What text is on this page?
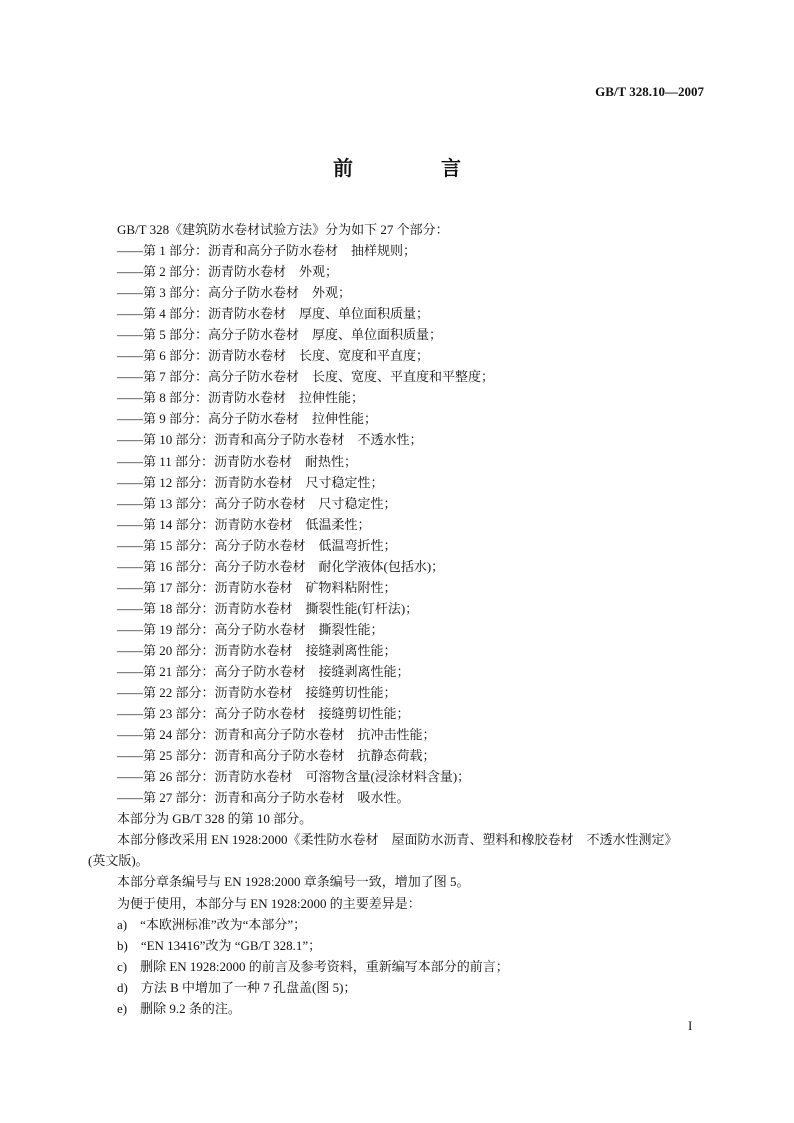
GB/T 328.10—2007
前　言
GB/T 328《建筑防水卷材试验方法》分为如下 27 个部分：
——第 1 部分：沥青和高分子防水卷材　抽样规则；
——第 2 部分：沥青防水卷材　外观；
——第 3 部分：高分子防水卷材　外观；
——第 4 部分：沥青防水卷材　厚度、单位面积质量；
——第 5 部分：高分子防水卷材　厚度、单位面积质量；
——第 6 部分：沥青防水卷材　长度、宽度和平直度；
——第 7 部分：高分子防水卷材　长度、宽度、平直度和平整度；
——第 8 部分：沥青防水卷材　拉伸性能；
——第 9 部分：高分子防水卷材　拉伸性能；
——第 10 部分：沥青和高分子防水卷材　不透水性；
——第 11 部分：沥青防水卷材　耐热性；
——第 12 部分：沥青防水卷材　尺寸稳定性；
——第 13 部分：高分子防水卷材　尺寸稳定性；
——第 14 部分：沥青防水卷材　低温柔性；
——第 15 部分：高分子防水卷材　低温弯折性；
——第 16 部分：高分子防水卷材　耐化学液体(包括水)；
——第 17 部分：沥青防水卷材　矿物料粘附性；
——第 18 部分：沥青防水卷材　撕裂性能(钉杆法)；
——第 19 部分：高分子防水卷材　撕裂性能；
——第 20 部分：沥青防水卷材　接缝剥离性能；
——第 21 部分：高分子防水卷材　接缝剥离性能；
——第 22 部分：沥青防水卷材　接缝剪切性能；
——第 23 部分：高分子防水卷材　接缝剪切性能；
——第 24 部分：沥青和高分子防水卷材　抗冲击性能；
——第 25 部分：沥青和高分子防水卷材　抗静态荷载；
——第 26 部分：沥青防水卷材　可溶物含量(浸涂材料含量)；
——第 27 部分：沥青和高分子防水卷材　吸水性。
本部分为 GB/T 328 的第 10 部分。
本部分修改采用 EN 1928:2000《柔性防水卷材　屋面防水沥青、塑料和橡胶卷材　不透水性测定》
(英文版)。
本部分章条编号与 EN 1928:2000 章条编号一致，增加了图 5。
为便于使用，本部分与 EN 1928:2000 的主要差异是：
a)　“本欧洲标准”改为“本部分”；
b)　“EN 13416”改为 “GB/T 328.1”；
c)　删除 EN 1928:2000 的前言及参考资料，重新编写本部分的前言；
d)　方法 B 中增加了一种 7 孔盘盖(图 5)；
e)　删除 9.2 条的注。
I
